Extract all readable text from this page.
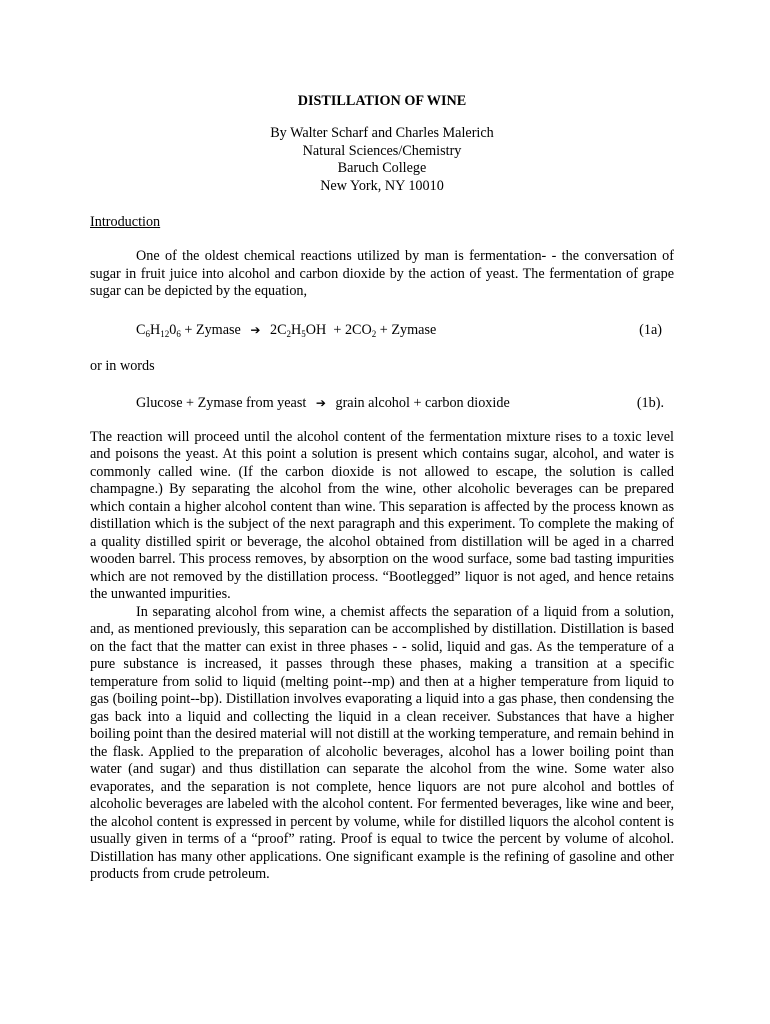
DISTILLATION OF WINE
By Walter Scharf and Charles Malerich
Natural Sciences/Chemistry
Baruch College
New York, NY 10010
Introduction

One of the oldest chemical reactions utilized by man is fermentation- - the conversation of sugar in fruit juice into alcohol and carbon dioxide by the action of yeast. The fermentation of grape sugar can be depicted by the equation,

$C_6H_{12}0_6$ + Zymase ➔ $2C_2H_5OH + 2CO_2$ + Zymase	(1a)
or in words
Glucose + Zymase from yeast ➔ grain alcohol + carbon dioxide	(1b).

The reaction will proceed until the alcohol content of the fermentation mixture rises to a toxic level and poisons the yeast. At this point a solution is present which contains sugar, alcohol, and water is commonly called wine. (If the carbon dioxide is not allowed to escape, the solution is called champagne.) By separating the alcohol from the wine, other alcoholic beverages can be prepared which contain a higher alcohol content than wine. This separation is affected by the process known as distillation which is the subject of the next paragraph and this experiment. To complete the making of a quality distilled spirit or beverage, the alcohol obtained from distillation will be aged in a charred wooden barrel. This process removes, by absorption on the wood surface, some bad tasting impurities which are not removed by the distillation process. “Bootlegged” liquor is not aged, and hence retains the unwanted impurities.

In separating alcohol from wine, a chemist affects the separation of a liquid from a solution, and, as mentioned previously, this separation can be accomplished by distillation. Distillation is based on the fact that the matter can exist in three phases - - solid, liquid and gas. As the temperature of a pure substance is increased, it passes through these phases, making a transition at a specific temperature from solid to liquid (melting point--mp) and then at a higher temperature from liquid to gas (boiling point--bp). Distillation involves evaporating a liquid into a gas phase, then condensing the gas back into a liquid and collecting the liquid in a clean receiver. Substances that have a higher boiling point than the desired material will not distill at the working temperature, and remain behind in the flask. Applied to the preparation of alcoholic beverages, alcohol has a lower boiling point than water (and sugar) and thus distillation can separate the alcohol from the wine. Some water also evaporates, and the separation is not complete, hence liquors are not pure alcohol and bottles of alcoholic beverages are labeled with the alcohol content. For fermented beverages, like wine and beer, the alcohol content is expressed in percent by volume, while for distilled liquors the alcohol content is usually given in terms of a “proof” rating. Proof is equal to twice the percent by volume of alcohol. Distillation has many other applications. One significant example is the refining of gasoline and other products from crude petroleum.
